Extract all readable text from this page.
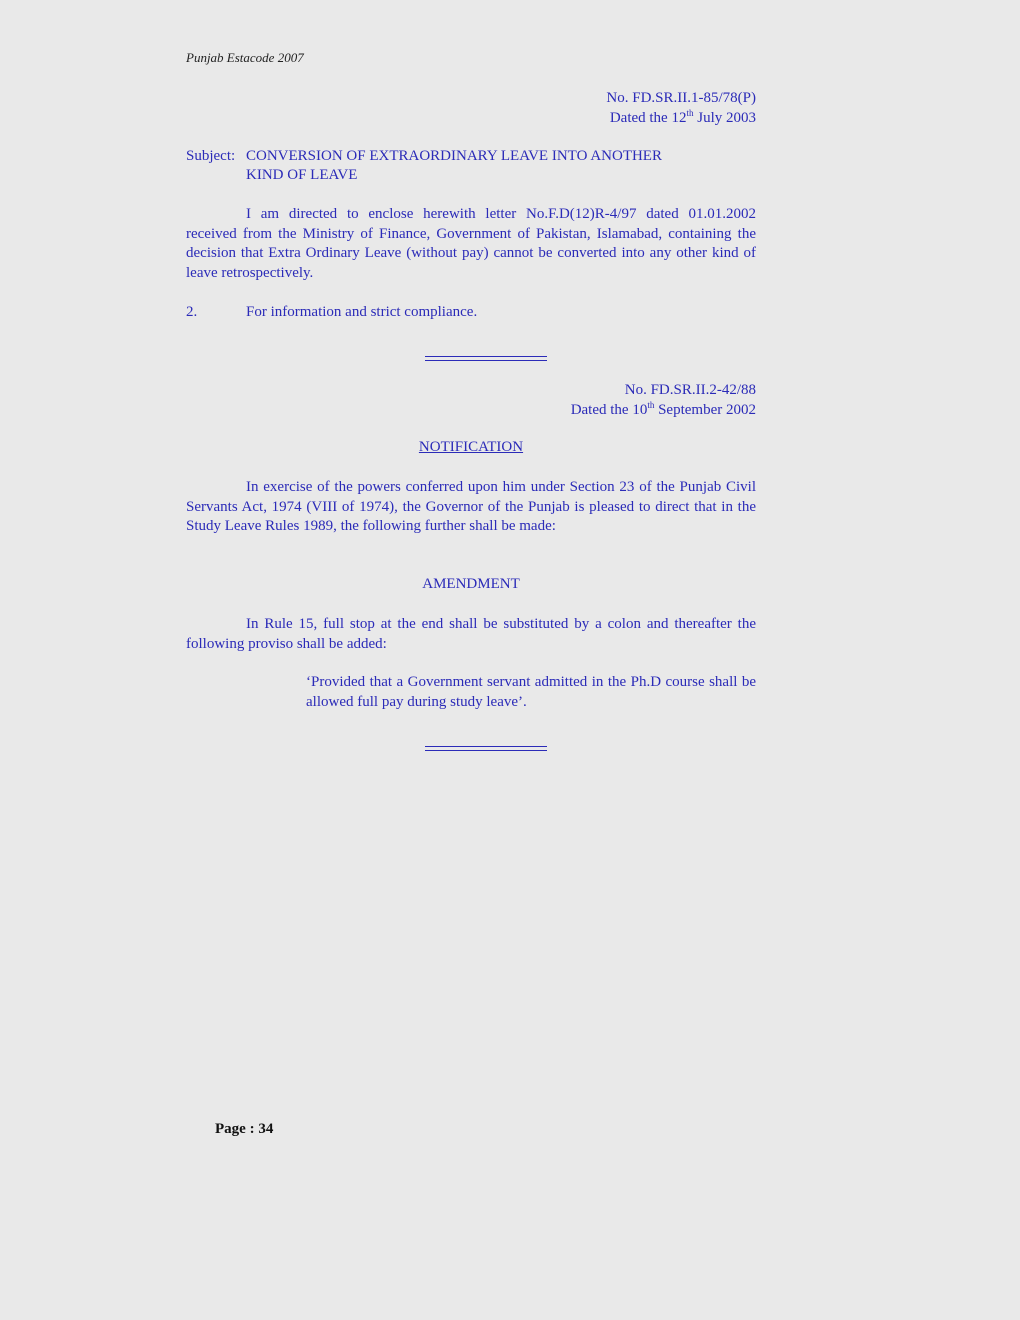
Punjab Estacode 2007
No. FD.SR.II.1-85/78(P)
Dated the 12th July 2003
Subject: CONVERSION OF EXTRAORDINARY LEAVE INTO ANOTHER
KIND OF LEAVE
I am directed to enclose herewith letter No.F.D(12)R-4/97 dated 01.01.2002 received from the Ministry of Finance, Government of Pakistan, Islamabad, containing the decision that Extra Ordinary Leave (without pay) cannot be converted into any other kind of leave retrospectively.
2.	For information and strict compliance.
No. FD.SR.II.2-42/88
Dated the 10th September 2002
NOTIFICATION
In exercise of the powers conferred upon him under Section 23 of the Punjab Civil Servants Act, 1974 (VIII of 1974), the Governor of the Punjab is pleased to direct that in the Study Leave Rules 1989, the following further shall be made:
AMENDMENT
In Rule 15, full stop at the end shall be substituted by a colon and thereafter the following proviso shall be added:
‘Provided that a Government servant admitted in the Ph.D course shall be allowed full pay during study leave’.
Page : 34
